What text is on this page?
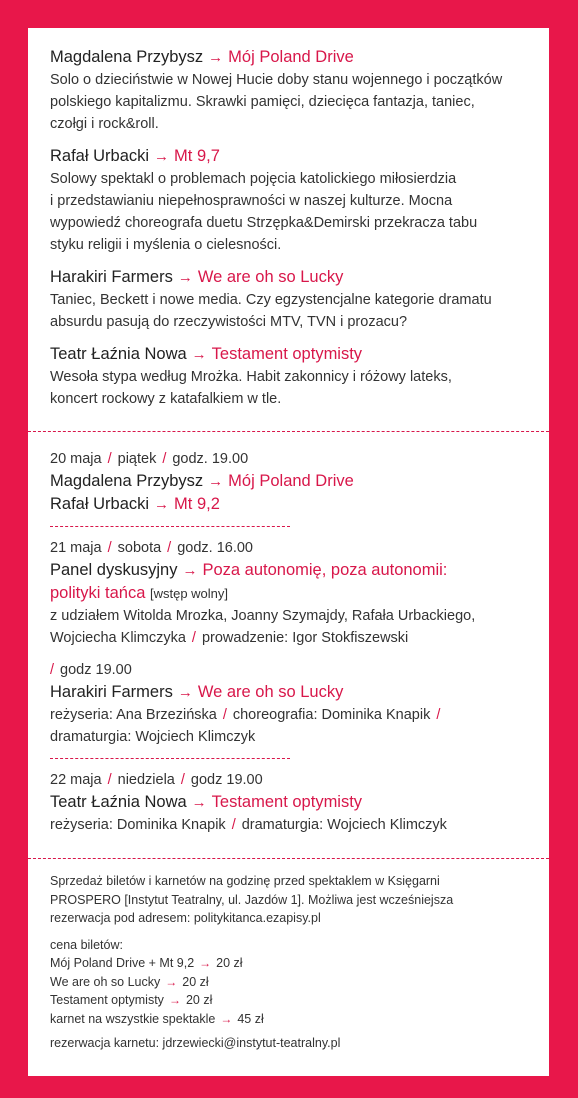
Magdalena Przybysz → Mój Poland Drive
Solo o dzieciństwie w Nowej Hucie doby stanu wojennego i początków
polskiego kapitalizmu. Skrawki pamięci, dziecięca fantazja, taniec,
czołgi i rock&roll.
Rafał Urbacki → Mt 9,7
Solowy spektakl o problemach pojęcia katolickiego miłosierdzia
i przedstawianiu niepełnosprawności w naszej kulturze. Mocna
wypowiedź choreografa duetu Strzępka&Demirski przekracza tabu
styku religii i myślenia o cielesności.
Harakiri Farmers → We are oh so Lucky
Taniec, Beckett i nowe media. Czy egzystencjalne kategorie dramatu
absurdu pasują do rzeczywistości MTV, TVN i prozacu?
Teatr Łaźnia Nowa → Testament optymisty
Wesoła stypa według Mrożka. Habit zakonnicy i różowy lateks,
koncert rockowy z katafalkiem w tle.
20 maja / piątek / godz. 19.00
Magdalena Przybysz → Mój Poland Drive
Rafał Urbacki → Mt 9,2
21 maja / sobota / godz. 16.00
Panel dyskusyjny → Poza autonomię, poza autonomii:
polityki tańca [wstęp wolny]
z udziałem Witolda Mrozka, Joanny Szymajdy, Rafała Urbackiego,
Wojciecha Klimczyka / prowadzenie: Igor Stokfiszewski
/ godz 19.00
Harakiri Farmers → We are oh so Lucky
reżyseria: Ana Brzezińska / choreografia: Dominika Knapik /
dramaturgia: Wojciech Klimczyk
22 maja / niedziela / godz 19.00
Teatr Łaźnia Nowa → Testament optymisty
reżyseria: Dominika Knapik / dramaturgia: Wojciech Klimczyk
Sprzedaż biletów i karnetów na godzinę przed spektaklem w Księgarni
PROSPERO [Instytut Teatralny, ul. Jazdów 1]. Możliwa jest wcześniejsza
rezerwacja pod adresem: politykitanca.ezapisy.pl
cena biletów:
Mój Poland Drive + Mt 9,2 → 20 zł
We are oh so Lucky → 20 zł
Testament optymisty → 20 zł
karnet na wszystkie spektakle → 45 zł
rezerwacja karnetu: jdrzewiecki@instytut-teatralny.pl
